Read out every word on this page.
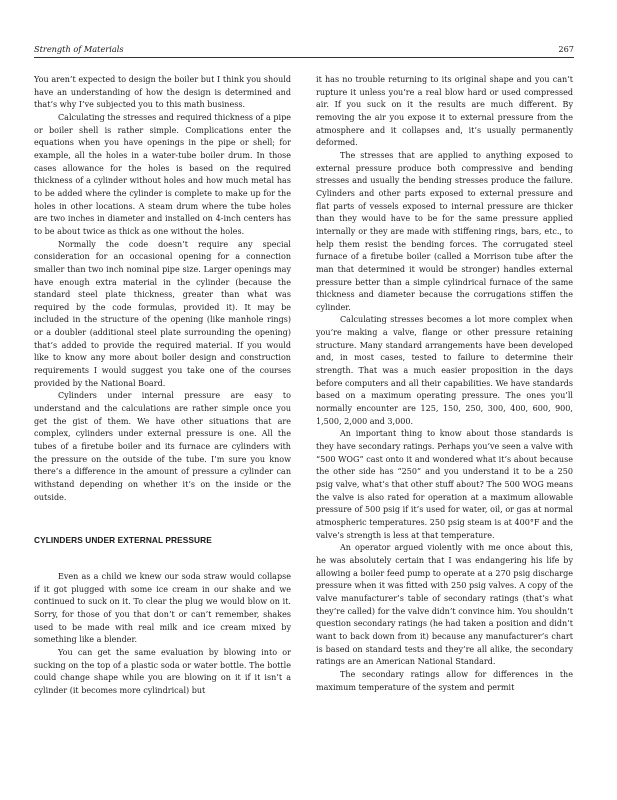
Strength of Materials	267

You aren’t expected to design the boiler but I think you should have an understanding of how the design is determined and that’s why I’ve subjected you to this math business.

Calculating the stresses and required thickness of a pipe or boiler shell is rather simple. Complications enter the equations when you have openings in the pipe or shell; for example, all the holes in a water-tube boiler drum. In those cases allowance for the holes is based on the required thickness of a cylinder without holes and how much metal has to be added where the cylinder is complete to make up for the holes in other locations. A steam drum where the tube holes are two inches in diameter and installed on 4-inch centers has to be about twice as thick as one without the holes.

Normally the code doesn’t require any special consideration for an occasional opening for a connection smaller than two inch nominal pipe size. Larger openings may have enough extra material in the cylinder (because the standard steel plate thickness, greater than what was required by the code formulas, provided it). It may be included in the structure of the opening (like manhole rings) or a doubler (additional steel plate surrounding the opening) that’s added to provide the required material. If you would like to know any more about boiler design and construction requirements I would suggest you take one of the courses provided by the National Board.

Cylinders under internal pressure are easy to understand and the calculations are rather simple once you get the gist of them. We have other situations that are complex, cylinders under external pressure is one. All the tubes of a firetube boiler and its furnace are cylinders with the pressure on the outside of the tube. I’m sure you know there’s a difference in the amount of pressure a cylinder can withstand depending on whether it’s on the inside or the outside.

CYLINDERS UNDER EXTERNAL PRESSURE

Even as a child we knew our soda straw would collapse if it got plugged with some ice cream in our shake and we continued to suck on it. To clear the plug we would blow on it. Sorry, for those of you that don’t or can’t remember, shakes used to be made with real milk and ice cream mixed by something like a blender.

You can get the same evaluation by blowing into or sucking on the top of a plastic soda or water bottle. The bottle could change shape while you are blowing on it if it isn’t a cylinder (it becomes more cylindrical) but

it has no trouble returning to its original shape and you can’t rupture it unless you’re a real blow hard or used compressed air. If you suck on it the results are much different. By removing the air you expose it to external pressure from the atmosphere and it collapses and, it’s usually permanently deformed.

The stresses that are applied to anything exposed to external pressure produce both compressive and bending stresses and usually the bending stresses produce the failure. Cylinders and other parts exposed to external pressure and flat parts of vessels exposed to internal pressure are thicker than they would have to be for the same pressure applied internally or they are made with stiffening rings, bars, etc., to help them resist the bending forces. The corrugated steel furnace of a firetube boiler (called a Morrison tube after the man that determined it would be stronger) handles external pressure better than a simple cylindrical furnace of the same thickness and diameter because the corrugations stiffen the cylinder.

Calculating stresses becomes a lot more complex when you’re making a valve, flange or other pressure retaining structure. Many standard arrangements have been developed and, in most cases, tested to failure to determine their strength. That was a much easier proposition in the days before computers and all their capabilities. We have standards based on a maximum operating pressure. The ones you’ll normally encounter are 125, 150, 250, 300, 400, 600, 900, 1,500, 2,000 and 3,000.

An important thing to know about those standards is they have secondary ratings. Perhaps you’ve seen a valve with “500 WOG” cast onto it and wondered what it’s about because the other side has “250” and you understand it to be a 250 psig valve, what’s that other stuff about? The 500 WOG means the valve is also rated for operation at a maximum allowable pressure of 500 psig if it’s used for water, oil, or gas at normal atmospheric temperatures. 250 psig steam is at 400°F and the valve’s strength is less at that temperature.

An operator argued violently with me once about this, he was absolutely certain that I was endangering his life by allowing a boiler feed pump to operate at a 270 psig discharge pressure when it was fitted with 250 psig valves. A copy of the valve manufacturer’s table of secondary ratings (that’s what they’re called) for the valve didn’t convince him. You shouldn’t question secondary ratings (he had taken a position and didn’t want to back down from it) because any manufacturer’s chart is based on standard tests and they’re all alike, the secondary ratings are an American National Standard.

The secondary ratings allow for differences in the maximum temperature of the system and permit
